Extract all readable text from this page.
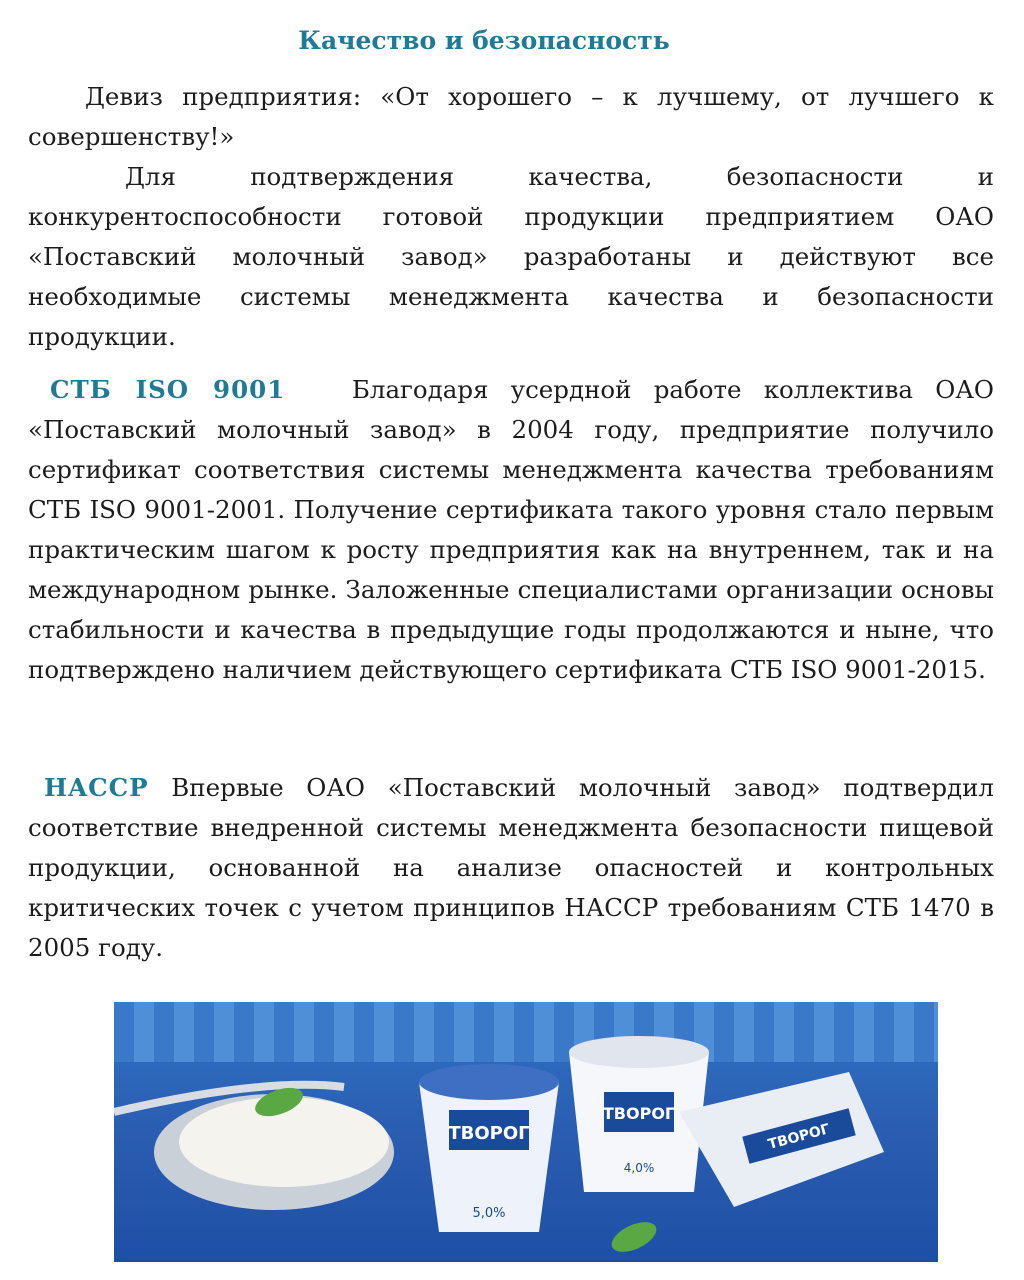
Качество и безопасность

Девиз предприятия: «От хорошего – к лучшему, от лучшего к совершенству!»

Для подтверждения качества, безопасности и конкурентоспособности готовой продукции предприятием ОАО «Поставский молочный завод» разработаны и действуют все необходимые системы менеджмента качества и безопасности продукции.

СТБ ISO 9001	Благодаря усердной работе коллектива ОАО «Поставский молочный завод» в 2004 году, предприятие получило сертификат соответствия системы менеджмента качества требованиям СТБ ISO 9001-2001. Получение сертификата такого уровня стало первым практическим шагом к росту предприятия как на внутреннем, так и на международном рынке. Заложенные специалистами организации основы стабильности и качества в предыдущие годы продолжаются и ныне, что подтверждено наличием действующего сертификата СТБ ISO 9001-2015.

HACCP Впервые ОАО «Поставский молочный завод» подтвердил соответствие внедренной системы менеджмента безопасности пищевой продукции, основанной на анализе опасностей и контрольных критических точек с учетом принципов НАССР требованиям СТБ 1470 в 2005 году.

ТВОРОГ
5,0%
ТВОРОГ
4,0%
ТВОРОГ
